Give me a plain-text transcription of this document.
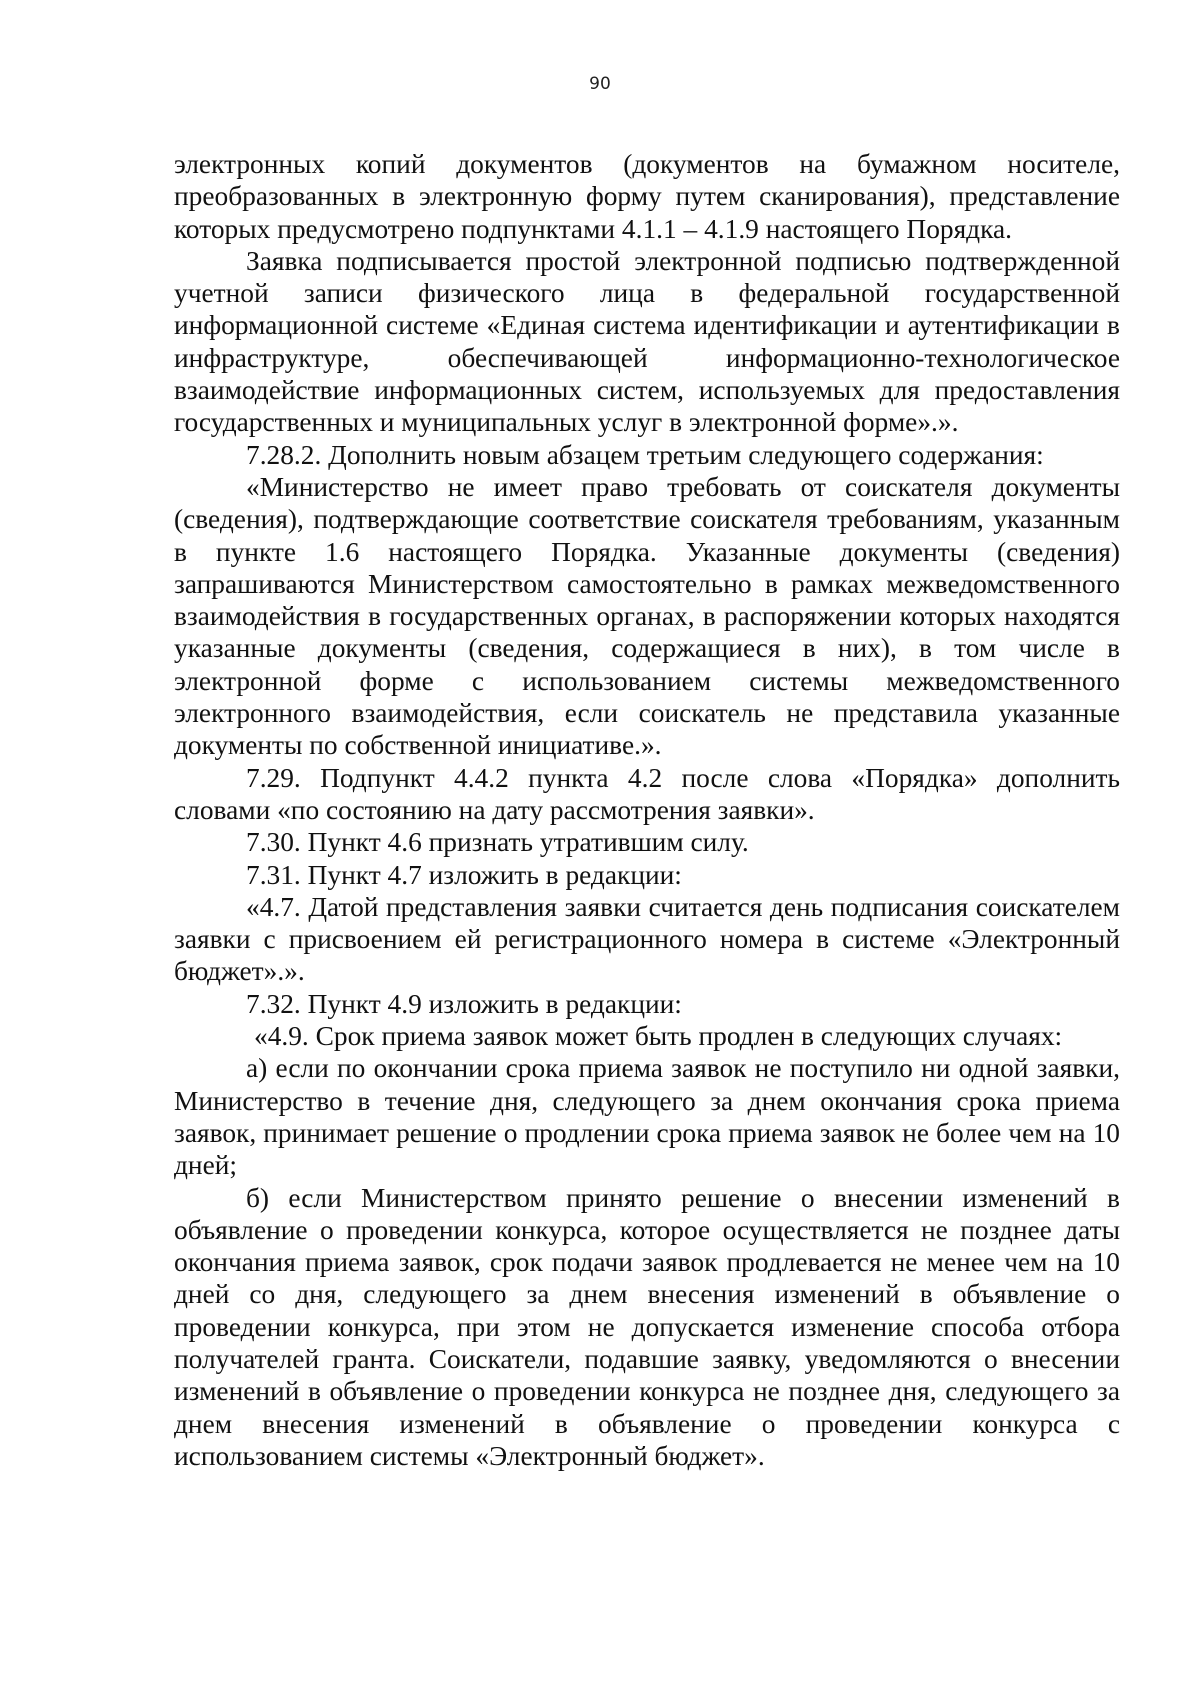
90

электронных копий документов (документов на бумажном носителе, преобразованных в электронную форму путем сканирования), представление которых предусмотрено подпунктами 4.1.1 – 4.1.9 настоящего Порядка.

Заявка подписывается простой электронной подписью подтвержденной учетной записи физического лица в федеральной государственной информационной системе «Единая система идентификации и аутентификации в инфраструктуре, обеспечивающей информационно-технологическое взаимодействие информационных систем, используемых для предоставления государственных и муниципальных услуг в электронной форме».».

7.28.2. Дополнить новым абзацем третьим следующего содержания:

«Министерство не имеет право требовать от соискателя документы (сведения), подтверждающие соответствие соискателя требованиям, указанным в пункте 1.6 настоящего Порядка. Указанные документы (сведения) запрашиваются Министерством самостоятельно в рамках межведомственного взаимодействия в государственных органах, в распоряжении которых находятся указанные документы (сведения, содержащиеся в них), в том числе в электронной форме с использованием системы межведомственного электронного взаимодействия, если соискатель не представила указанные документы по собственной инициативе.».

7.29. Подпункт 4.4.2 пункта 4.2 после слова «Порядка» дополнить словами «по состоянию на дату рассмотрения заявки».

7.30. Пункт 4.6 признать утратившим силу.

7.31. Пункт 4.7 изложить в редакции:

«4.7. Датой представления заявки считается день подписания соискателем заявки с присвоением ей регистрационного номера в системе «Электронный бюджет».».

7.32. Пункт 4.9 изложить в редакции:

«4.9. Срок приема заявок может быть продлен в следующих случаях:

а) если по окончании срока приема заявок не поступило ни одной заявки, Министерство в течение дня, следующего за днем окончания срока приема заявок, принимает решение о продлении срока приема заявок не более чем на 10 дней;

б) если Министерством принято решение о внесении изменений в объявление о проведении конкурса, которое осуществляется не позднее даты окончания приема заявок, срок подачи заявок продлевается не менее чем на 10 дней со дня, следующего за днем внесения изменений в объявление о проведении конкурса, при этом не допускается изменение способа отбора получателей гранта. Соискатели, подавшие заявку, уведомляются о внесении изменений в объявление о проведении конкурса не позднее дня, следующего за днем внесения изменений в объявление о проведении конкурса с использованием системы «Электронный бюджет».
